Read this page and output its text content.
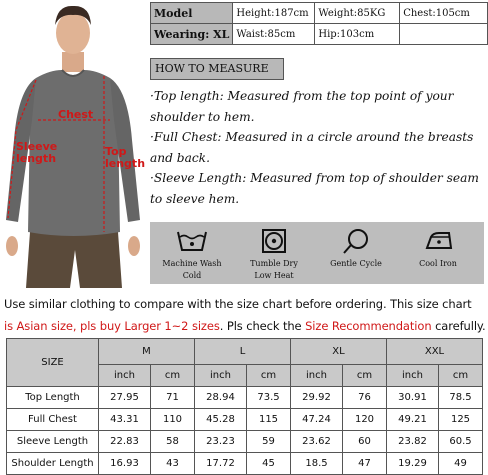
Chest
Sleeve
length
Top length
Model	Height:187cm	Weight:85KG	Chest:105cm
Wearing: XL	Waist:85cm	Hip:103cm	
HOW TO MEASURE

·Top length: Measured from the top point of your shoulder to hem.

·Full Chest: Measured in a circle around the breasts and back.

·Sleeve Length: Measured from top of shoulder seam to sleeve hem.

Machine Wash Cold
Tumble Dry
Low Heat
Gentle Cycle	Cool Iron
Use similar clothing to compare with the size chart before ordering. This size chart
is Asian size, pls buy Larger 1~2 sizes. Pls check the Size Recommendation carefully.
SIZE	M		L		XL		XXL	
	inch	cm	inch	cm	inch	cm	inch	cm
Top Length	27.95	71	28.94	73.5	29.92	76	30.91	78.5
Full Chest	43.31	110	45.28	115	47.24	120	49.21	125
Sleeve Length	22.83	58	23.23	59	23.62	60	23.82	60.5
Shoulder Length	16.93	43	17.72	45	18.5	47	19.29	49
